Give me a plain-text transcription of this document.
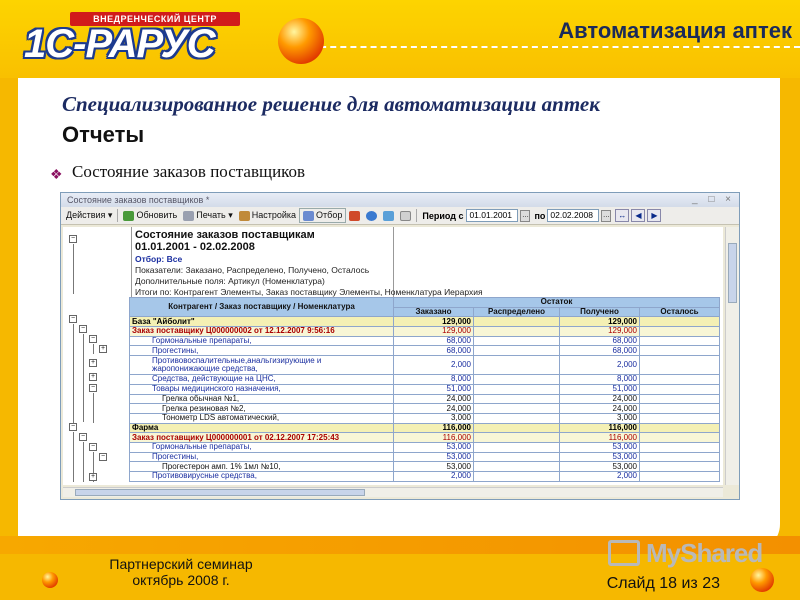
ВНЕДРЕНЧЕСКИЙ ЦЕНТР
1С-РАРУС	Автоматизация аптек
Специализированное решение для автоматизации аптек
Отчеты
❖ Состояние заказов поставщиков
Состояние заказов поставщиков *	_ □ ×
Действия ▾	Обновить Печать ▾ Настройка Отбор	Период с 01.01.2001	… по 02.02.2008	…	↔	◀	▶
−
−
−
−
+
+
+
−
−
−
−
−
+
Состояние заказов поставщикам
01.01.2001 - 02.02.2008
Отбор: Все
Показатели: Заказано, Распределено, Получено, Осталось
Дополнительные поля: Артикул (Номенклатура)
Итоги по: Контрагент Элементы, Заказ поставщику Элементы, Номенклатура Иерархия
Контрагент / Заказ поставщику / Номенклатура	Остаток			
	Заказано	Распределено	Получено	Осталось
База "Айболит"	129,000		129,000	
Заказ поставщику Ц000000002 от 12.12.2007 9:56:16	129,000		129,000	
Гормональные препараты,	68,000		68,000	
Прогестины,	68,000		68,000	
Противовоспалительные,анальгизирующие и жаропонижающие средства,	2,000		2,000	
Средства, действующие на ЦНС,	8,000		8,000	
Товары медицинского назначения,	51,000		51,000	
Грелка обычная №1,	24,000		24,000	
Грелка резиновая №2,	24,000		24,000	
Тонометр LDS автоматический,	3,000		3,000	
Фарма	116,000		116,000	
Заказ поставщику Ц000000001 от 02.12.2007 17:25:43	116,000		116,000	
Гормональные препараты,	53,000		53,000	
Прогестины,	53,000		53,000	
Прогестерон амп. 1% 1мл №10,	53,000		53,000	
Противовирусные средства,	2,000		2,000	
MyShared
Партнерский семинар
октябрь 2008 г.	Слайд 18 из 23
